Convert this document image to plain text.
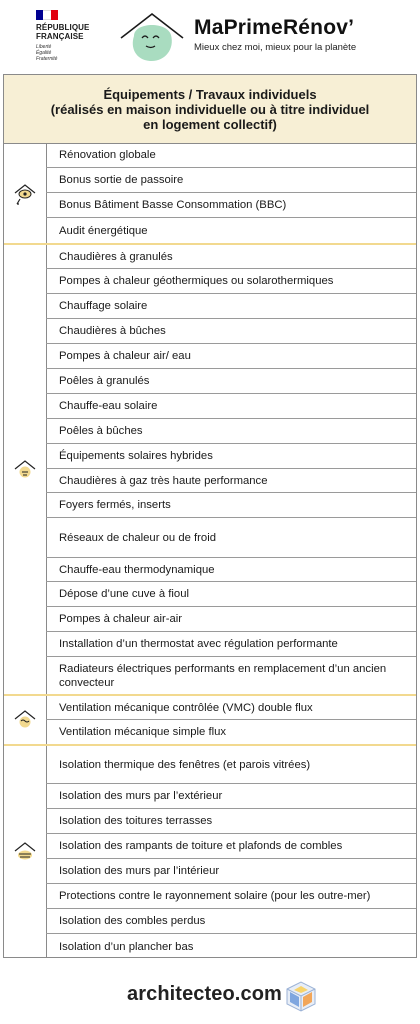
RÉPUBLIQUE
FRANÇAISE
Liberté
Égalité
Fraternité
MaPrimeRénov’
Mieux chez moi, mieux pour la planète
Équipements / Travaux individuels
(réalisés en maison individuelle ou à titre individuel
en logement collectif)
Rénovation globale
Bonus sortie de passoire
Bonus Bâtiment Basse Consommation (BBC)
Audit énergétique
Chaudières à granulés
Pompes à chaleur géothermiques ou solarothermiques
Chauffage solaire
Chaudières à bûches
Pompes à chaleur air/ eau
Poêles à granulés
Chauffe-eau solaire
Poêles à bûches
Équipements solaires hybrides
Chaudières à gaz très haute performance
Foyers fermés, inserts
Réseaux de chaleur ou de froid
Chauffe-eau thermodynamique
Dépose d’une cuve à fioul
Pompes à chaleur air-air
Installation d’un thermostat avec régulation performante
Radiateurs électriques performants en remplacement d’un ancien convecteur
Ventilation mécanique contrôlée (VMC) double flux
Ventilation mécanique simple flux
Isolation thermique des fenêtres (et parois vitrées)
Isolation des murs par l’extérieur
Isolation des toitures terrasses
Isolation des rampants de toiture et plafonds de combles
Isolation des murs par l’intérieur
Protections contre le rayonnement solaire (pour les outre-mer)
Isolation des combles perdus
Isolation d’un plancher bas
architecteo.com
